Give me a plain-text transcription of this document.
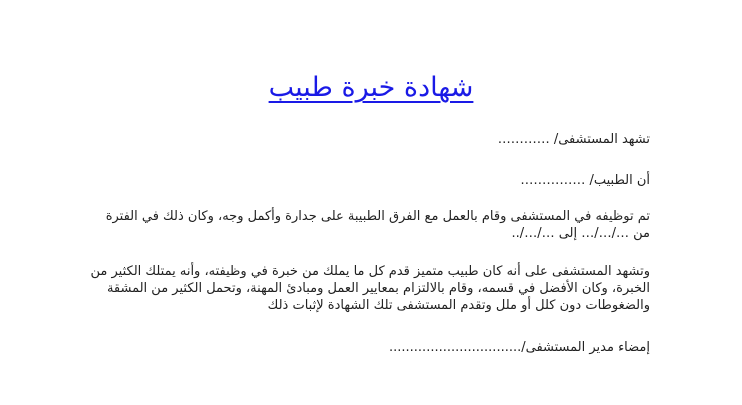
شهادة خبرة طبيب

تشهد المستشفى/ …………

أن الطبيب/ ……………

تم توظيفه في المستشفى وقام بالعمل مع الفرق الطبيبة على جدارة وأكمل وجه، وكان ذلك في الفترة من …/…/… إلى …/…/..

وتشهد المستشفى على أنه كان طبيب متميز قدم كل ما يملك من خبرة في وظيفته، وأنه يمتلك الكثير من الخبرة، وكان الأفضل في قسمه، وقام بالالتزام بمعايير العمل ومبادئ المهنة، وتحمل الكثير من المشقة والضغوطات دون كلل أو ملل وتقدم المستشفى تلك الشهادة لإثبات ذلك

إمضاء مدير المستشفى/................................
